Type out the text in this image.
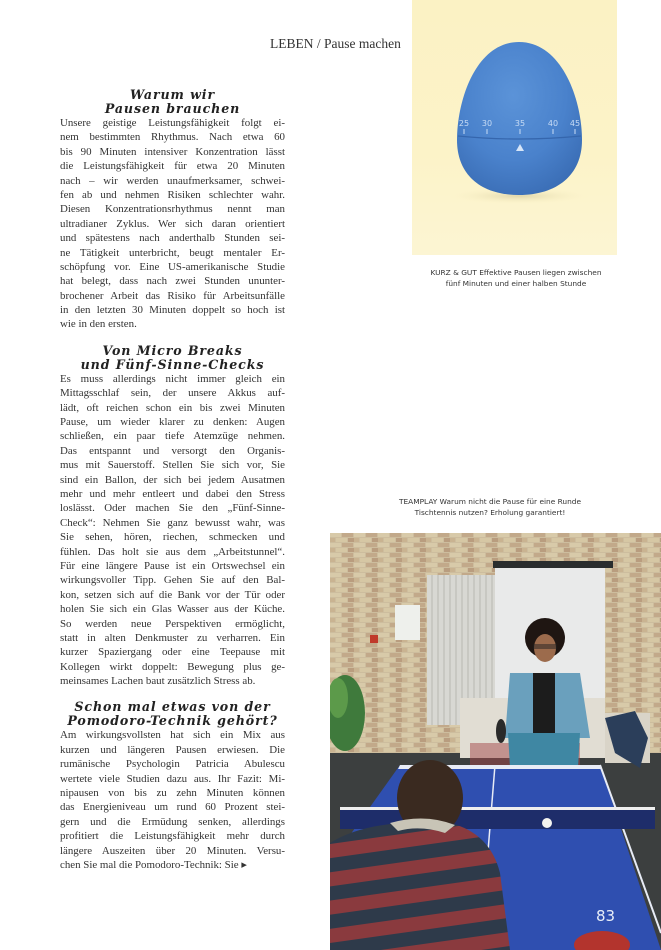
LEBEN / Pause machen
Warum wir
Pausen brauchen

Unsere geistige Leistungsfähigkeit folgt ei-
nem bestimmten Rhythmus. Nach etwa 60
bis 90 Minuten intensiver Konzentration lässt
die Leistungsfähigkeit für etwa 20 Minuten
nach – wir werden unaufmerksamer, schwei-
fen ab und nehmen Risiken schlechter wahr.
Diesen Konzentrationsrhythmus nennt man
ultradianer Zyklus. Wer sich daran orientiert
und spätestens nach anderthalb Stunden sei-
ne Tätigkeit unterbricht, beugt mentaler Er-
schöpfung vor. Eine US-amerikanische Studie
hat belegt, dass nach zwei Stunden ununter-
brochener Arbeit das Risiko für Arbeitsunfälle
in den letzten 30 Minuten doppelt so hoch ist
wie in den ersten.

Von Micro Breaks
und Fünf-Sinne-Checks

Es muss allerdings nicht immer gleich ein
Mittagsschlaf sein, der unsere Akkus auf-
lädt, oft reichen schon ein bis zwei Minuten
Pause, um wieder klarer zu denken: Augen
schließen, ein paar tiefe Atemzüge nehmen.
Das entspannt und versorgt den Organis-
mus mit Sauerstoff. Stellen Sie sich vor, Sie
sind ein Ballon, der sich bei jedem Ausatmen
mehr und mehr entleert und dabei den Stress
loslässt. Oder machen Sie den „Fünf-Sinne-
Check“: Nehmen Sie ganz bewusst wahr, was
Sie sehen, hören, riechen, schmecken und
fühlen. Das holt sie aus dem „Arbeitstunnel“.
Für eine längere Pause ist ein Ortswechsel ein
wirkungsvoller Tipp. Gehen Sie auf den Bal-
kon, setzen sich auf die Bank vor der Tür oder
holen Sie sich ein Glas Wasser aus der Küche.
So werden neue Perspektiven ermöglicht,
statt in alten Denkmuster zu verharren. Ein
kurzer Spaziergang oder eine Teepause mit
Kollegen wirkt doppelt: Bewegung plus ge-
meinsames Lachen baut zusätzlich Stress ab.

Schon mal etwas von der
Pomodoro-Technik gehört?

Am wirkungsvollsten hat sich ein Mix aus
kurzen und längeren Pausen erwiesen. Die
rumänische Psychologin Patricia Abulescu
wertete viele Studien dazu aus. Ihr Fazit: Mi-
nipausen von bis zu zehn Minuten können
das Energieniveau um rund 60 Prozent stei-
gern und die Ermüdung senken, allerdings
profitiert die Leistungsfähigkeit mehr durch
längere Auszeiten über 20 Minuten. Versu-
chen Sie mal die Pomodoro-Technik: Sie ▸

25 30	35	40 45
KURZ & GUT Effektive Pausen liegen zwischen
fünf Minuten und einer halben Stunde
TEAMPLAY Warum nicht die Pause für eine Runde
Tischtennis nutzen? Erholung garantiert!
83
